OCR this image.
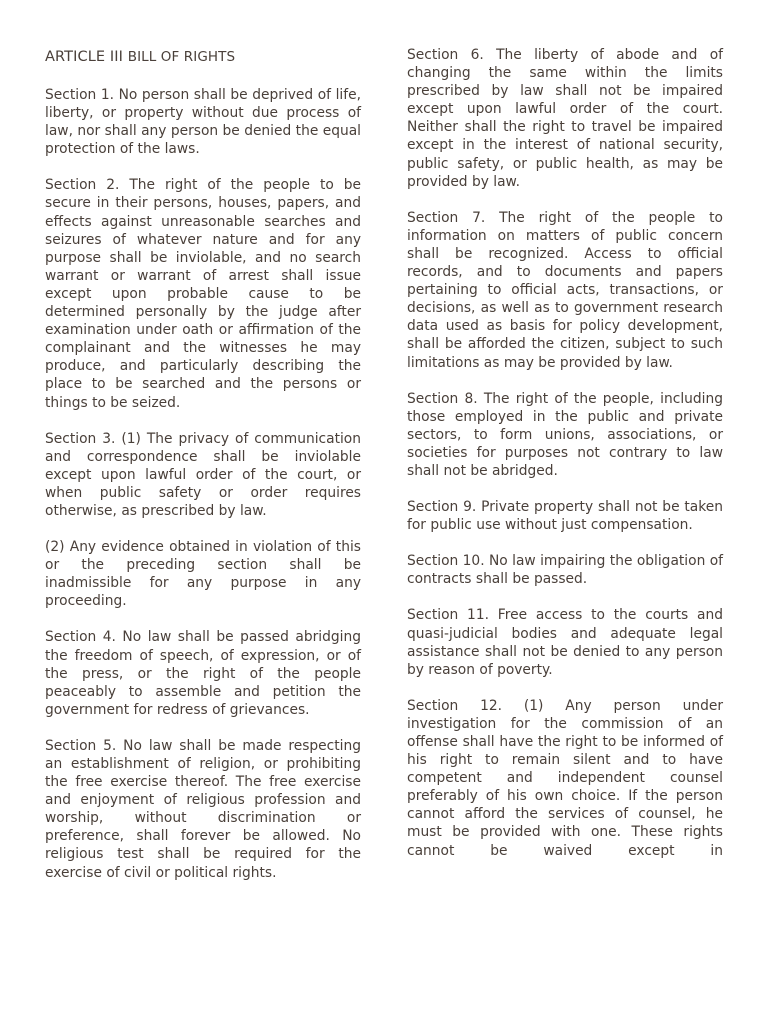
ARTICLE III BILL OF RIGHTS

Section 1. No person shall be deprived of life, liberty, or property without due process of law, nor shall any person be denied the equal protection of the laws.

Section 2. The right of the people to be secure in their persons, houses, papers, and effects against unreasonable searches and seizures of whatever nature and for any purpose shall be inviolable, and no search warrant or warrant of arrest shall issue except upon probable cause to be determined personally by the judge after examination under oath or affirmation of the complainant and the witnesses he may produce, and particularly describing the place to be searched and the persons or things to be seized.

Section 3. (1) The privacy of communication and correspondence shall be inviolable except upon lawful order of the court, or when public safety or order requires otherwise, as prescribed by law.

(2) Any evidence obtained in violation of this or the preceding section shall be inadmissible for any purpose in any proceeding.

Section 4. No law shall be passed abridging the freedom of speech, of expression, or of the press, or the right of the people peaceably to assemble and petition the government for redress of grievances.

Section 5. No law shall be made respecting an establishment of religion, or prohibiting the free exercise thereof. The free exercise and enjoyment of religious profession and worship, without discrimination or preference, shall forever be allowed. No religious test shall be required for the exercise of civil or political rights.

Section 6. The liberty of abode and of changing the same within the limits prescribed by law shall not be impaired except upon lawful order of the court. Neither shall the right to travel be impaired except in the interest of national security, public safety, or public health, as may be provided by law.

Section 7. The right of the people to information on matters of public concern shall be recognized. Access to official records, and to documents and papers pertaining to official acts, transactions, or decisions, as well as to government research data used as basis for policy development, shall be afforded the citizen, subject to such limitations as may be provided by law.

Section 8. The right of the people, including those employed in the public and private sectors, to form unions, associations, or societies for purposes not contrary to law shall not be abridged.

Section 9. Private property shall not be taken for public use without just compensation.

Section 10. No law impairing the obligation of contracts shall be passed.

Section 11. Free access to the courts and quasi-judicial bodies and adequate legal assistance shall not be denied to any person by reason of poverty.

Section 12. (1) Any person under investigation for the commission of an offense shall have the right to be informed of his right to remain silent and to have competent and independent counsel preferably of his own choice. If the person cannot afford the services of counsel, he must be provided with one. These rights cannot be waived except in
